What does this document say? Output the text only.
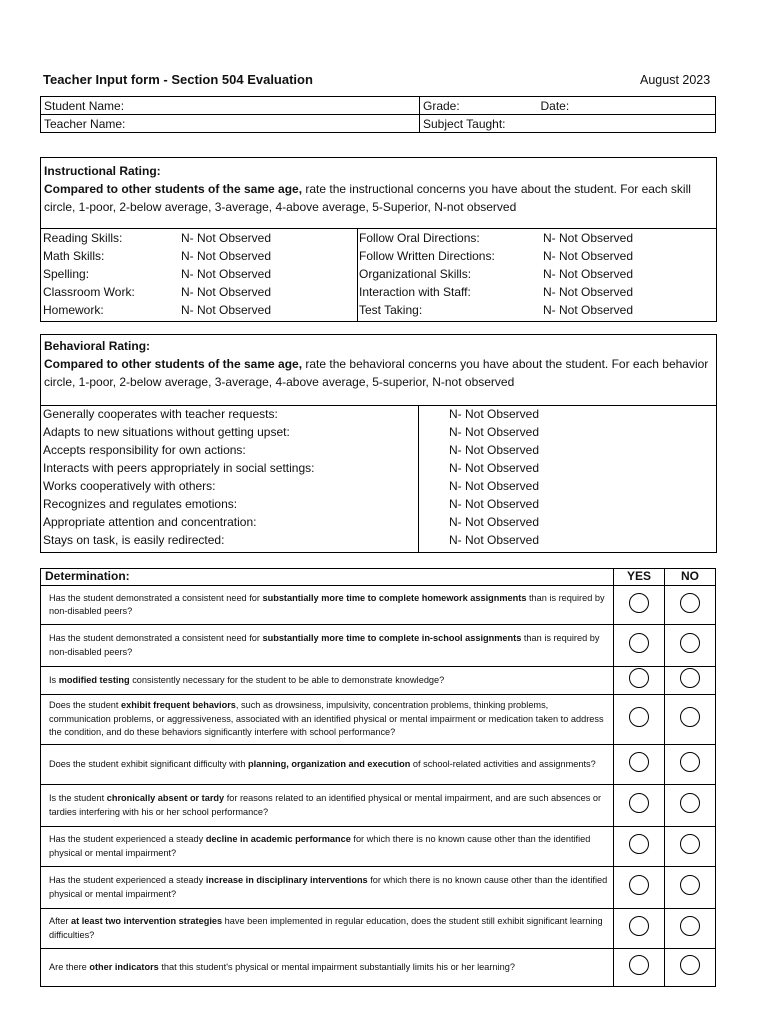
Teacher Input form - Section 504 Evaluation	August 2023
Student Name:	Grade: Date:

Teacher Name:	Subject Taught:
Instructional Rating:
Compared to other students of the same age, rate the instructional concerns you have about the student. For each skill circle, 1-poor, 2-below average, 3-average, 4-above average, 5-Superior, N-not observed
Reading Skills:	N- Not Observed
Math Skills:	N- Not Observed
Spelling:	N- Not Observed
Classroom Work:	N- Not Observed
Homework:	N- Not Observed
Follow Oral Directions:	N- Not Observed
Follow Written Directions:	N- Not Observed
Organizational Skills:	N- Not Observed
Interaction with Staff:	N- Not Observed
Test Taking:	N- Not Observed
Behavioral Rating:
Compared to other students of the same age, rate the behavioral concerns you have about the student. For each behavior circle, 1-poor, 2-below average, 3-average, 4-above average, 5-superior, N-not observed
Generally cooperates with teacher requests:	N- Not Observed
Adapts to new situations without getting upset:	N- Not Observed
Accepts responsibility for own actions:	N- Not Observed
Interacts with peers appropriately in social settings:	N- Not Observed
Works cooperatively with others:	N- Not Observed
Recognizes and regulates emotions:	N- Not Observed
Appropriate attention and concentration:	N- Not Observed
Stays on task, is easily redirected:	N- Not Observed
Determination:	YES	NO
Has the student demonstrated a consistent need for substantially more time to complete homework assignments than is required by non-disabled peers?		
Has the student demonstrated a consistent need for substantially more time to complete in-school assignments than is required by non-disabled peers?		
Is modified testing consistently necessary for the student to be able to demonstrate knowledge?		
Does the student exhibit frequent behaviors, such as drowsiness, impulsivity, concentration problems, thinking problems, communication problems, or aggressiveness, associated with an identified physical or mental impairment or medication taken to address the condition, and do these behaviors significantly interfere with school performance?		
Does the student exhibit significant difficulty with planning, organization and execution of school-related activities and assignments?		
Is the student chronically absent or tardy for reasons related to an identified physical or mental impairment, and are such absences or tardies interfering with his or her school performance?		
Has the student experienced a steady decline in academic performance for which there is no known cause other than the identified physical or mental impairment?		
Has the student experienced a steady increase in disciplinary interventions for which there is no known cause other than the identified physical or mental impairment?		
After at least two intervention strategies have been implemented in regular education, does the student still exhibit significant learning difficulties?		
Are there other indicators that this student's physical or mental impairment substantially limits his or her learning?		
